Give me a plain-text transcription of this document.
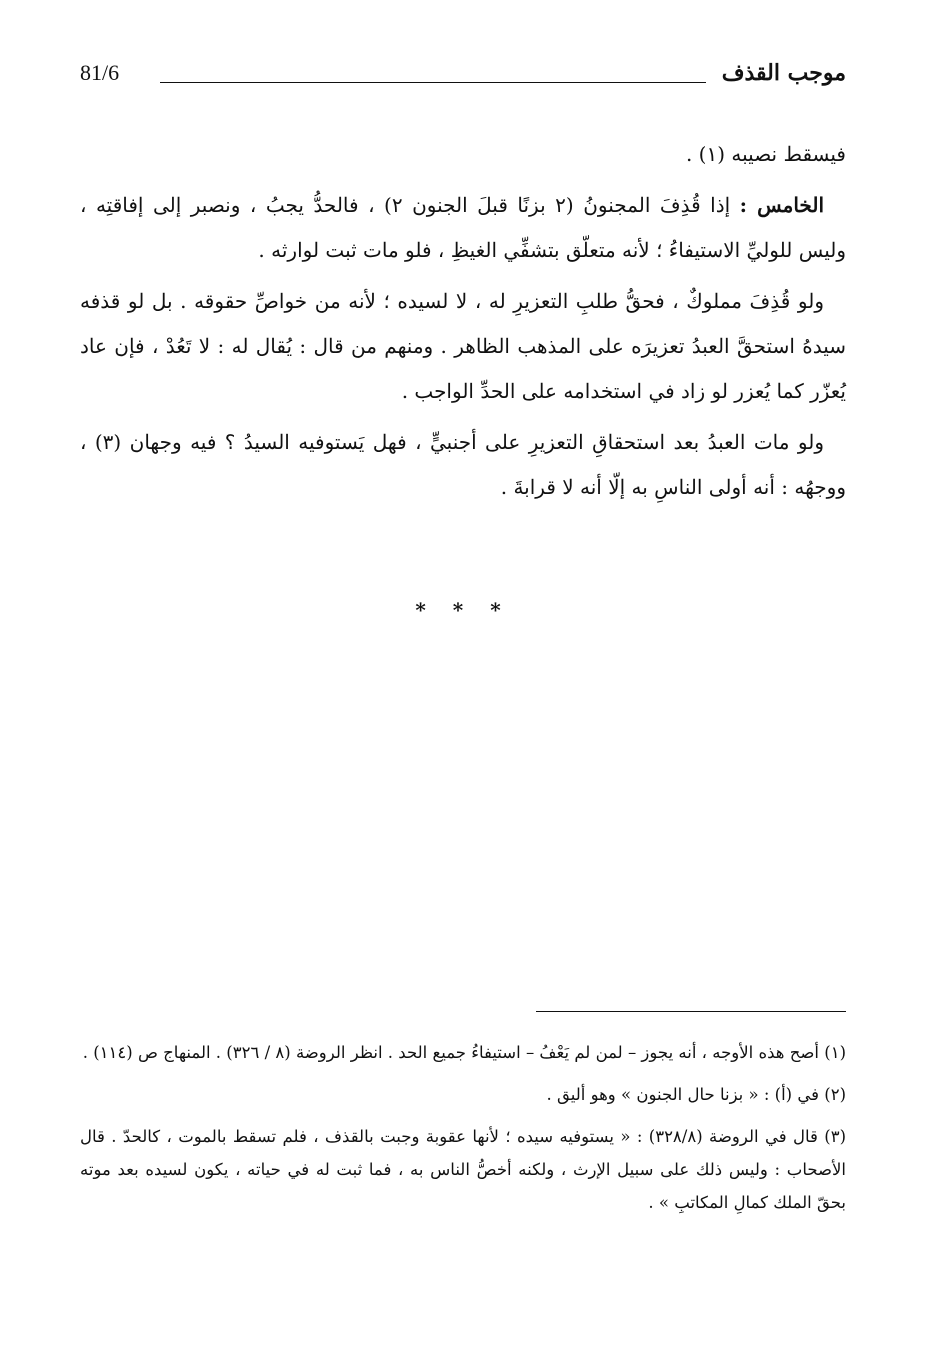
موجب القذف
81/6

فيسقط نصيبه (١) .

الخامس : إذا قُذِفَ المجنونُ (٢ بزنًا قبلَ الجنون ٢) ، فالحدُّ يجبُ ، ونصبر إلى إفاقتِه ، وليس للوليِّ الاستيفاءُ ؛ لأنه متعلّق بتشفِّي الغيظِ ، فلو مات ثبت لوارثه .

ولو قُذِفَ مملوكٌ ، فحقُّ طلبِ التعزيرِ له ، لا لسيده ؛ لأنه من خواصِّ حقوقه . بل لو قذفه سيدهُ استحقَّ العبدُ تعزيرَه على المذهب الظاهر . ومنهم من قال : يُقال له : لا تَعُدْ ، فإن عاد يُعزّر كما يُعزر لو زاد في استخدامه على الحدِّ الواجب .

ولو مات العبدُ بعد استحقاقِ التعزيرِ على أجنبيٍّ ، فهل يَستوفيه السيدُ ؟ فيه وجهان (٣) ، ووجهُه : أنه أولى الناسِ به إلّا أنه لا قرابةَ .

* * *

(١) أصح هذه الأوجه ، أنه يجوز – لمن لم يَعْفُ – استيفاءُ جميع الحد . انظر الروضة (٨ / ٣٢٦) . المنهاج ص (١١٤) .

(٢) في (أ) : « بزنا حال الجنون » وهو أليق .

(٣) قال في الروضة (٣٢٨/٨) : « يستوفيه سيده ؛ لأنها عقوبة وجبت بالقذف ، فلم تسقط بالموت ، كالحدّ . قال الأصحاب : وليس ذلك على سبيل الإرث ، ولكنه أخصُّ الناس به ، فما ثبت له في حياته ، يكون لسيده بعد موته بحقّ الملك كمالِ المكاتبِ » .
